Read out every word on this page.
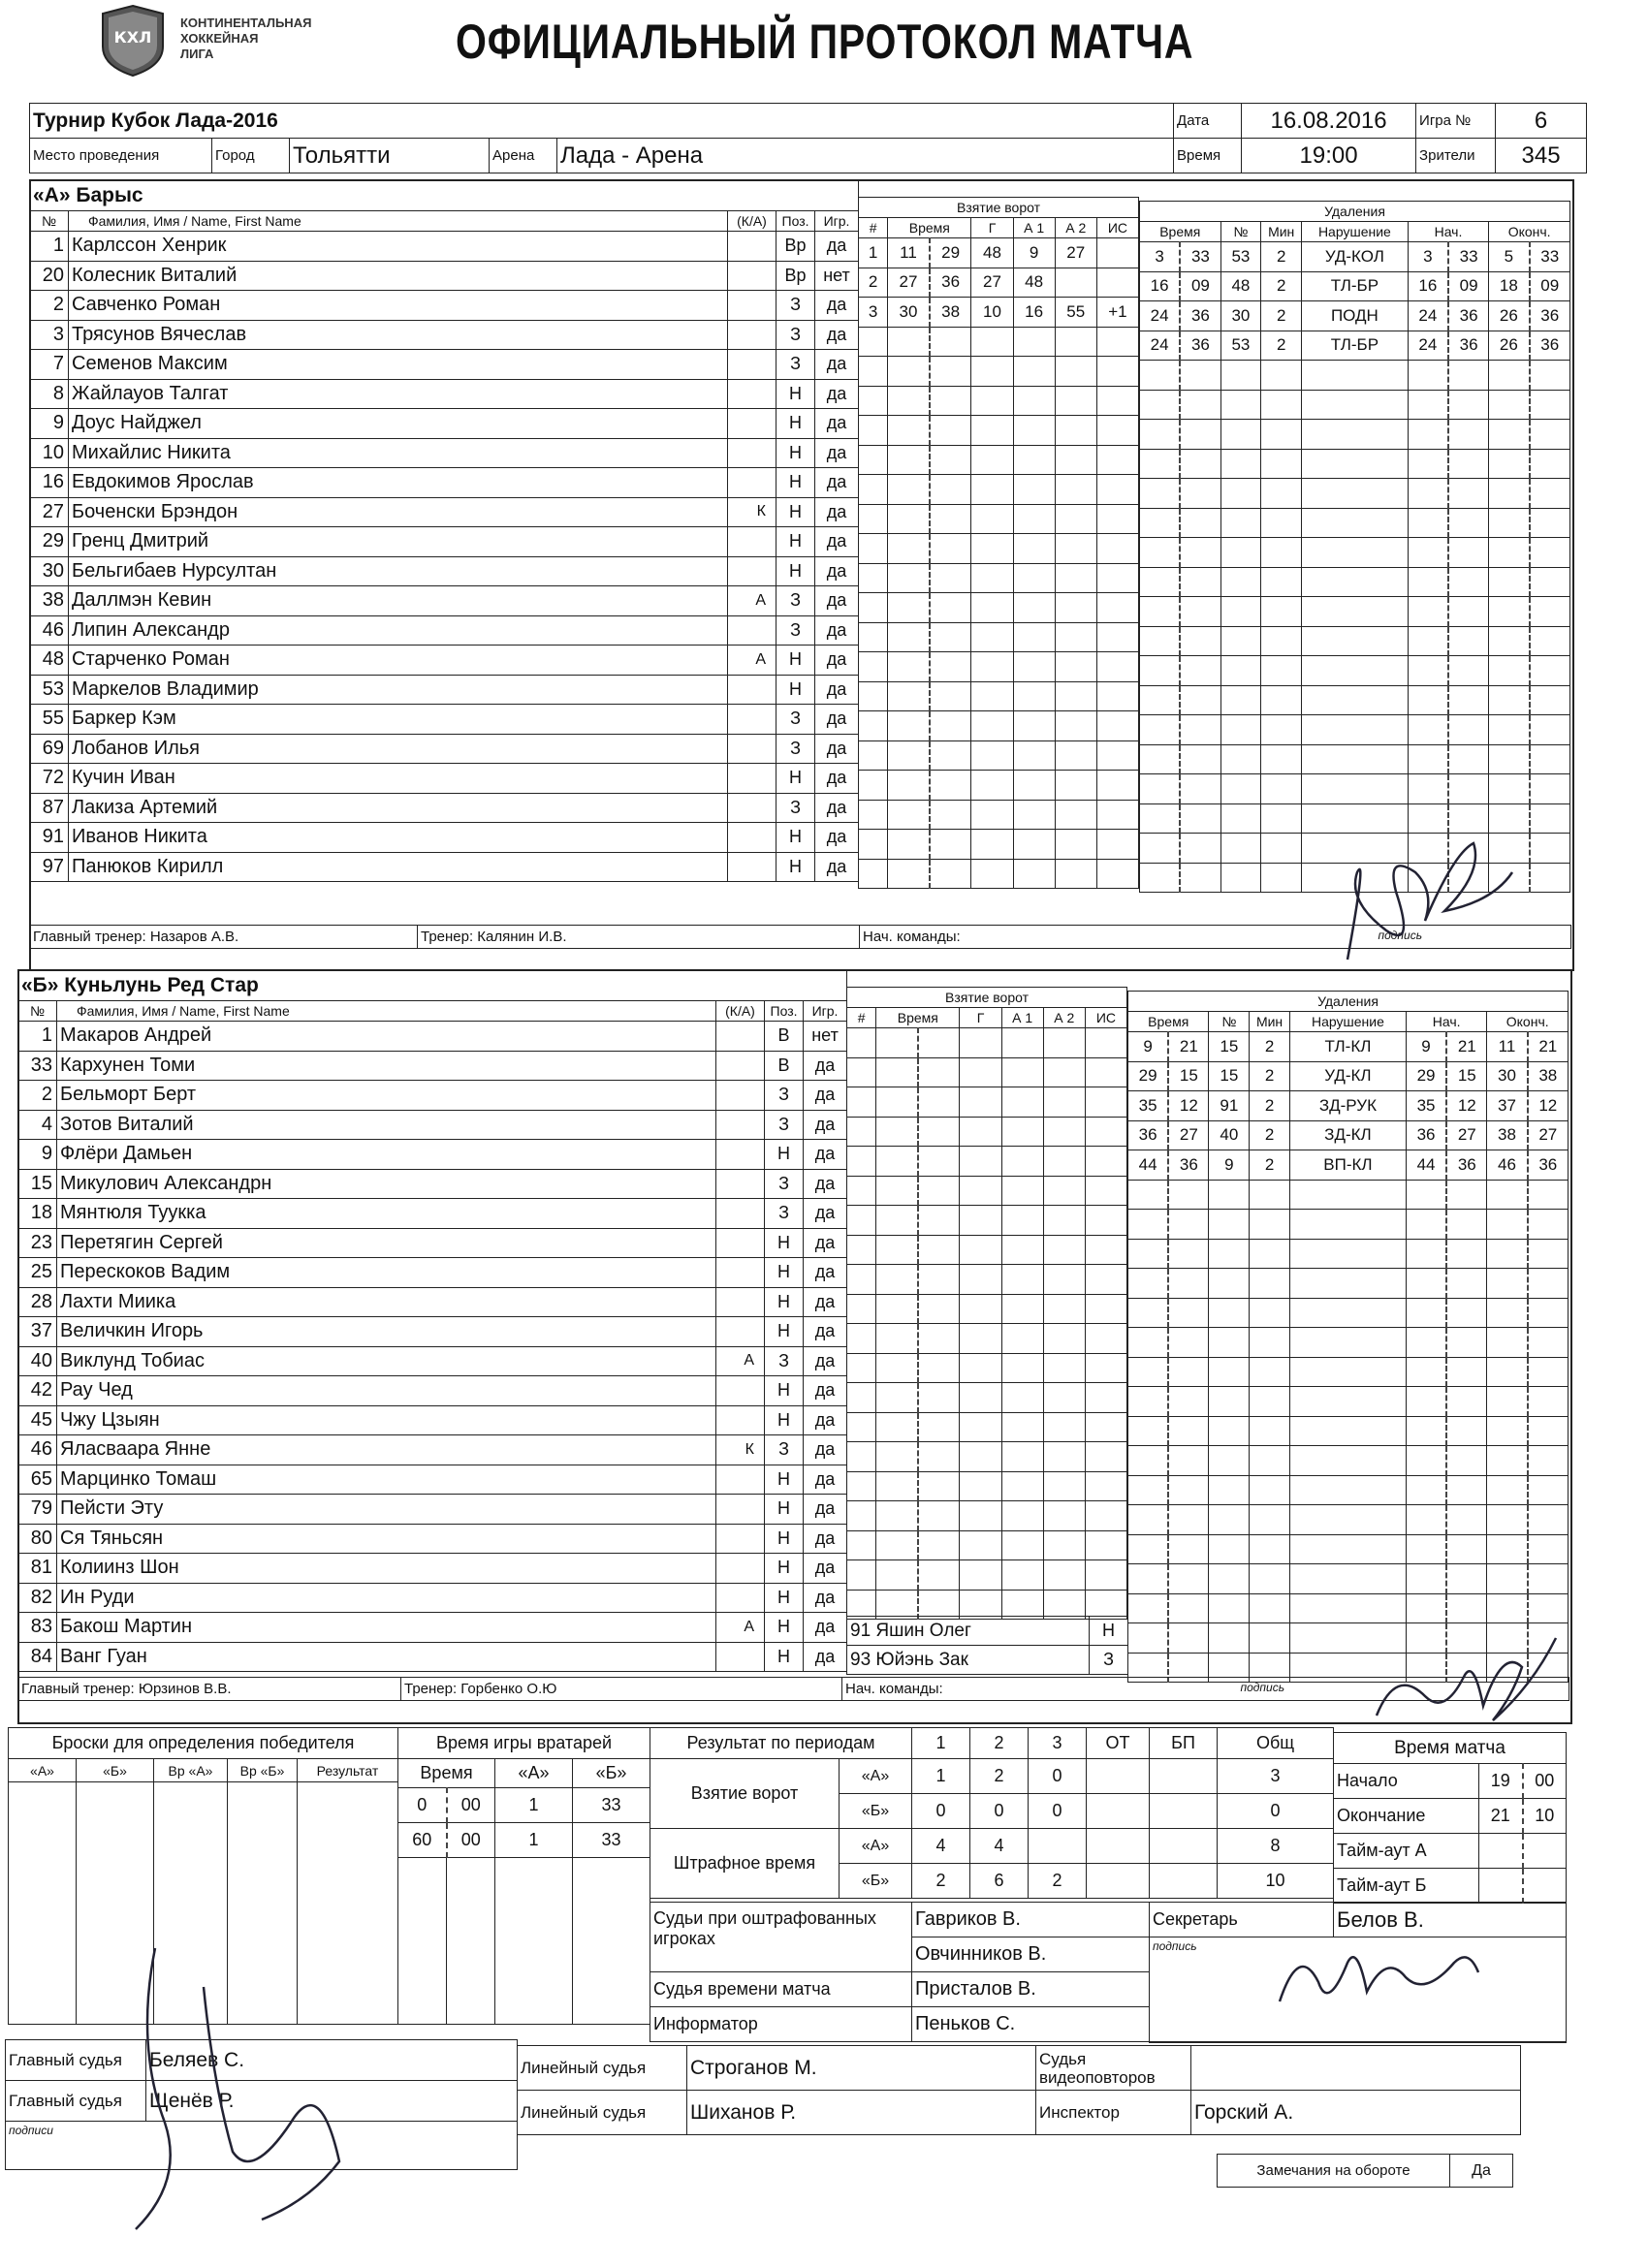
КХЛ
КОНТИНЕНТАЛЬНАЯ
ХОККЕЙНАЯ
ЛИГА	ОФИЦИАЛЬНЫЙ ПРОТОКОЛ МАТЧА
Турнир Кубок Лада-2016					Дата	16.08.2016	Игра №	6
Место проведения	Город	Тольятти	Арена	Лада - Арена	Время	19:00	Зрители	345
«А» Барыс				
№	Фамилия, Имя / Name, First Name	(К/А)	Поз.	Игр.
1	Карлссон Хенрик		Вр	да
20	Колесник Виталий		Вр	нет
2	Савченко Роман		З	да
3	Трясунов Вячеслав		З	да
7	Семенов Максим		З	да
8	Жайлауов Талгат		Н	да
9	Доус Найджел		Н	да
10	Михайлис Никита		Н	да
16	Евдокимов Ярослав		Н	да
27	Боченски Брэндон	К	Н	да
29	Гренц Дмитрий		Н	да
30	Бельгибаев Нурсултан		Н	да
38	Даллмэн Кевин	А	З	да
46	Липин Александр		З	да
48	Старченко Роман	А	Н	да
53	Маркелов Владимир		Н	да
55	Баркер Кэм		З	да
69	Лобанов Илья		З	да
72	Кучин Иван		Н	да
87	Лакиза Артемий		З	да
91	Иванов Никита		Н	да
97	Панюков Кирилл		Н	да
Взятие ворот						
#	Время		Г	А 1	А 2	ИС
1	11	29	48	9	27	
2	27	36	27	48		
3	30	38	10	16	55	+1

Удаления								
Время		№	Мин	Нарушение	Нач.		Оконч.	
3	33	53	2	УД-КОЛ	3	33	5	33
16	09	48	2	ТЛ-БР	16	09	18	09
24	36	30	2	ПОДН	24	36	26	36
24	36	53	2	ТЛ-БР	24	36	26	36

Главный тренер: Назаров А.В.	Тренер: Калянин И.В.	Нач. команды:	подпись
«Б» Куньлунь Ред Стар				
№	Фамилия, Имя / Name, First Name	(К/А)	Поз.	Игр.
1	Макаров Андрей		В	нет
33	Кархунен Томи		В	да
2	Бельморт Берт		З	да
4	Зотов Виталий		З	да
9	Флёри Дамьен		Н	да
15	Микулович Александрн		З	да
18	Мянтюля Туукка		З	да
23	Перетягин Сергей		Н	да
25	Перескоков Вадим		Н	да
28	Лахти Миика		Н	да
37	Величкин Игорь		Н	да
40	Виклунд Тобиас	А	З	да
42	Рау Чед		Н	да
45	Чжу Цзыян		Н	да
46	Ялaсваара Янне	К	З	да
65	Марцинко Томаш		Н	да
79	Пейсти Эту		Н	да
80	Ся Тяньсян		Н	да
81	Колиинз Шон		Н	да
82	Ин Руди		Н	да
83	Бакош Мартин	А	Н	да
84	Ванг Гуан		Н	да
Взятие ворот						
#	Время		Г	А 1	А 2	ИС

Удаления								
Время		№	Мин	Нарушение	Нач.		Оконч.	
9	21	15	2	ТЛ-КЛ	9	21	11	21
29	15	15	2	УД-КЛ	29	15	30	38
35	12	91	2	ЗД-РУК	35	12	37	12
36	27	40	2	ЗД-КЛ	36	27	38	27
44	36	9	2	ВП-КЛ	44	36	46	36

91 Яшин Олег	Н
93 Юйэнь Зак	З
Главный тренер: Юрзинов В.В.	Тренер: Горбенко О.Ю	Нач. команды:	подпись
Броски для определения победителя				
«А»	«Б»	Вр «А»	Вр «Б»	Результат

Время игры вратарей			
Время		«А»	«Б»
0	00	1	33
60	00	1	33

Результат по периодам		1	2	3	ОТ	БП	Общ
Взятие ворот	«А»	1	2	0			3
	«Б»	0	0	0			0
Штрафное время	«А»	4	4				8
	«Б»	2	6	2			10
Время матча		
Начало	19	00
Окончание	21	10
Тайм-аут А		
Тайм-аут Б		
Судьи при оштрафованных игроках	Гавриков В.	Секретарь	Белов В.
	Овчинников В.	подпись	
Судья времени матча	Присталов В.		
Информатор	Пеньков С.		
Главный судья	Беляев С.
Главный судья	Щенёв Р.
подписи	
Линейный судья	Строганов М.	Судья видеоповторов	
Линейный судья	Шиханов Р.	Инспектор	Горский А.
Замечания на обороте	Да
